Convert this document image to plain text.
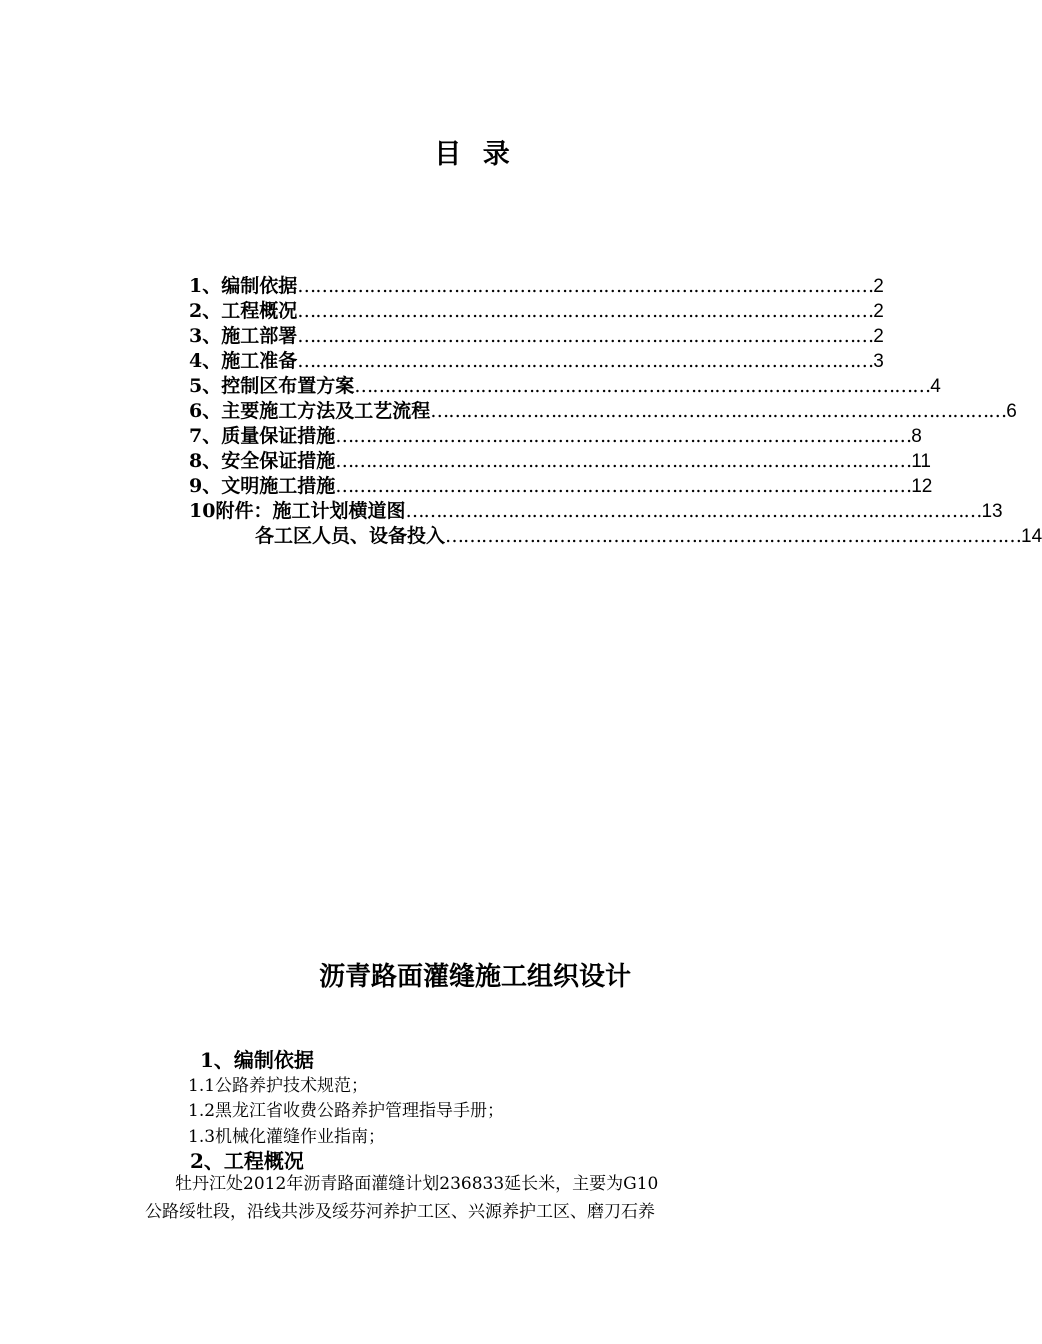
目 录
1、编制依据 …………………………………………………………………………………… 2
2、工程概况 …………………………………………………………………………………… 2
3、施工部署 …………………………………………………………………………………… 2
4、施工准备 …………………………………………………………………………………… 3
5、控制区布置方案 …………………………………………………………………………………… 4
6、主要施工方法及工艺流程 …………………………………………………………………………………… 6
7、质量保证措施 …………………………………………………………………………………… 8
8、安全保证措施 …………………………………………………………………………………… 11
9、文明施工措施 …………………………………………………………………………………… 12
10附件：施工计划横道图 …………………………………………………………………………………… 13
各工区人员、设备投入 …………………………………………………………………………………… 14
沥青路面灌缝施工组织设计
1、编制依据
1.1公路养护技术规范；
1.2黑龙江省收费公路养护管理指导手册；
1.3机械化灌缝作业指南；
2、工程概况
牡丹江处2012年沥青路面灌缝计划236833延长米，主要为G10
公路绥牡段，沿线共涉及绥芬河养护工区、兴源养护工区、磨刀石养
